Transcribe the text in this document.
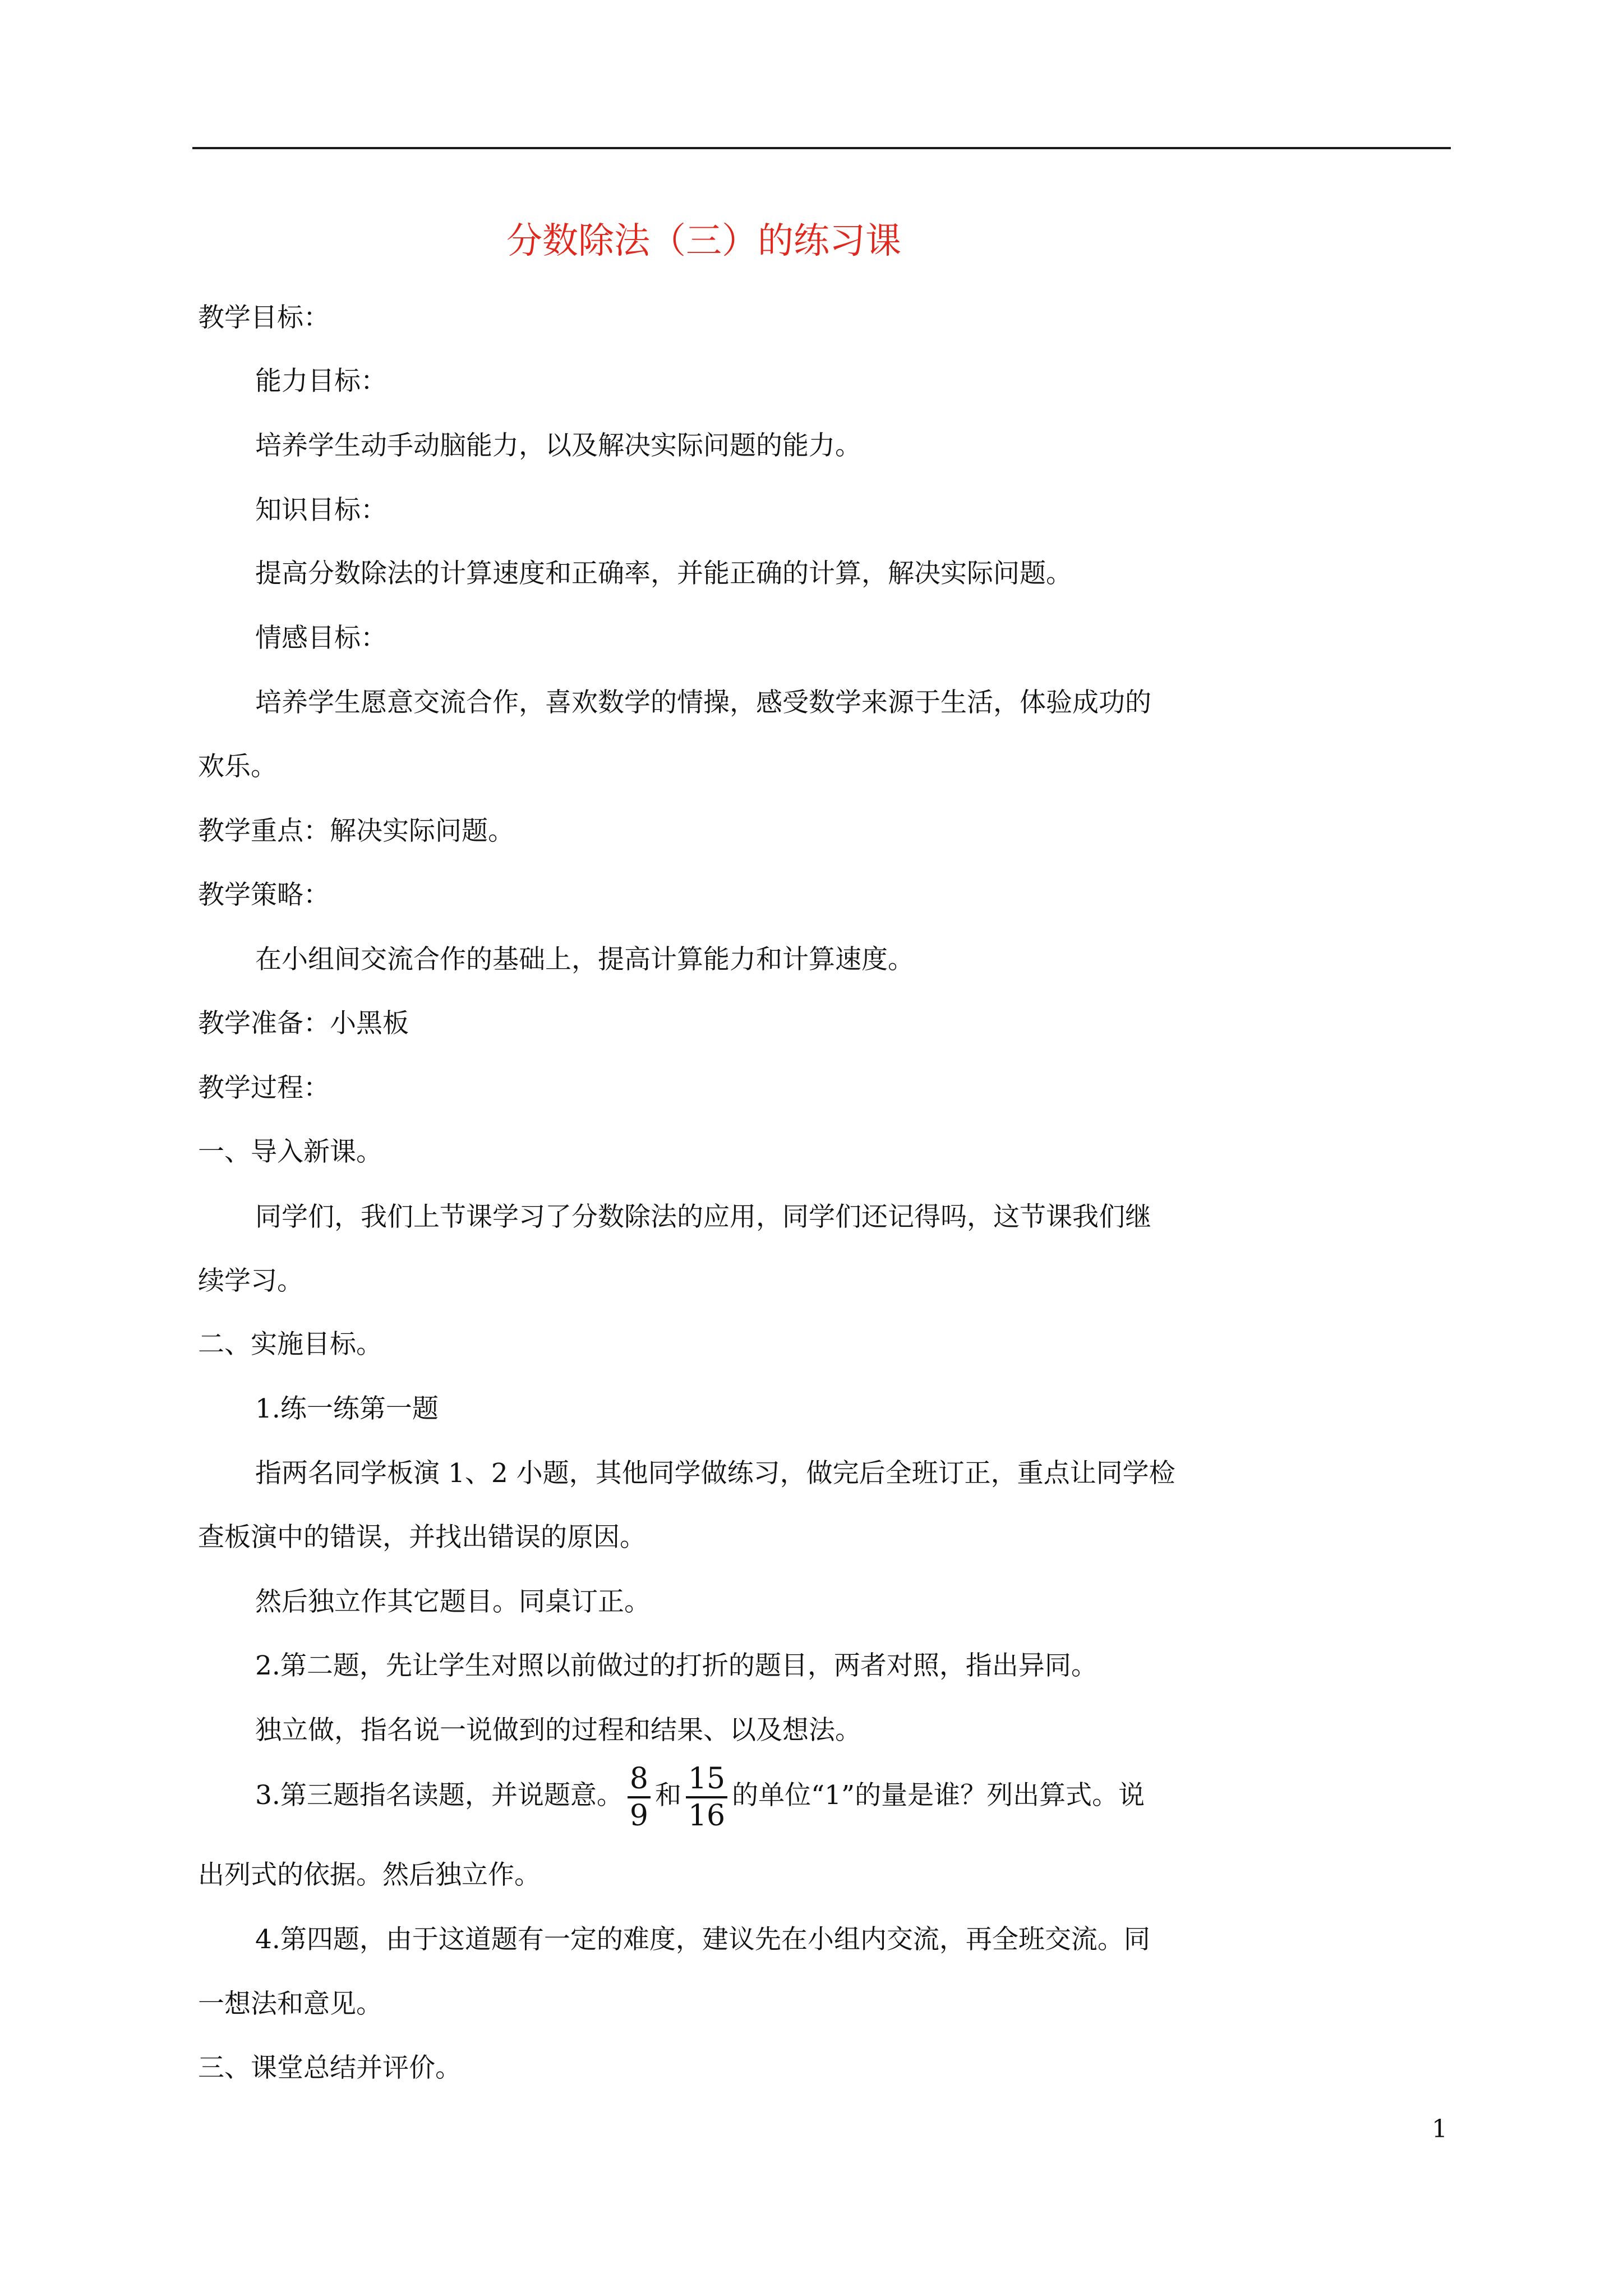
分数除法（三）的练习课

教学目标：

能力目标：

培养学生动手动脑能力，以及解决实际问题的能力。

知识目标：

提高分数除法的计算速度和正确率，并能正确的计算，解决实际问题。

情感目标：

培养学生愿意交流合作，喜欢数学的情操，感受数学来源于生活，体验成功的

欢乐。

教学重点：解决实际问题。

教学策略：

在小组间交流合作的基础上，提高计算能力和计算速度。

教学准备：小黑板

教学过程：

一、导入新课。

同学们，我们上节课学习了分数除法的应用，同学们还记得吗，这节课我们继

续学习。

二、实施目标。

1.练一练第一题

指两名同学板演 1、2 小题，其他同学做练习，做完后全班订正，重点让同学检

查板演中的错误，并找出错误的原因。

然后独立作其它题目。同桌订正。

2.第二题，先让学生对照以前做过的打折的题目，两者对照，指出异同。

独立做，指名说一说做到的过程和结果、以及想法。

3.第三题指名读题，并说题意。 $\frac{8}{9}$ 和 $\frac{15}{16}$ 的单位“1”的量是谁？列出算式。说

出列式的依据。然后独立作。

4.第四题，由于这道题有一定的难度，建议先在小组内交流，再全班交流。同

一想法和意见。

三、课堂总结并评价。

1
